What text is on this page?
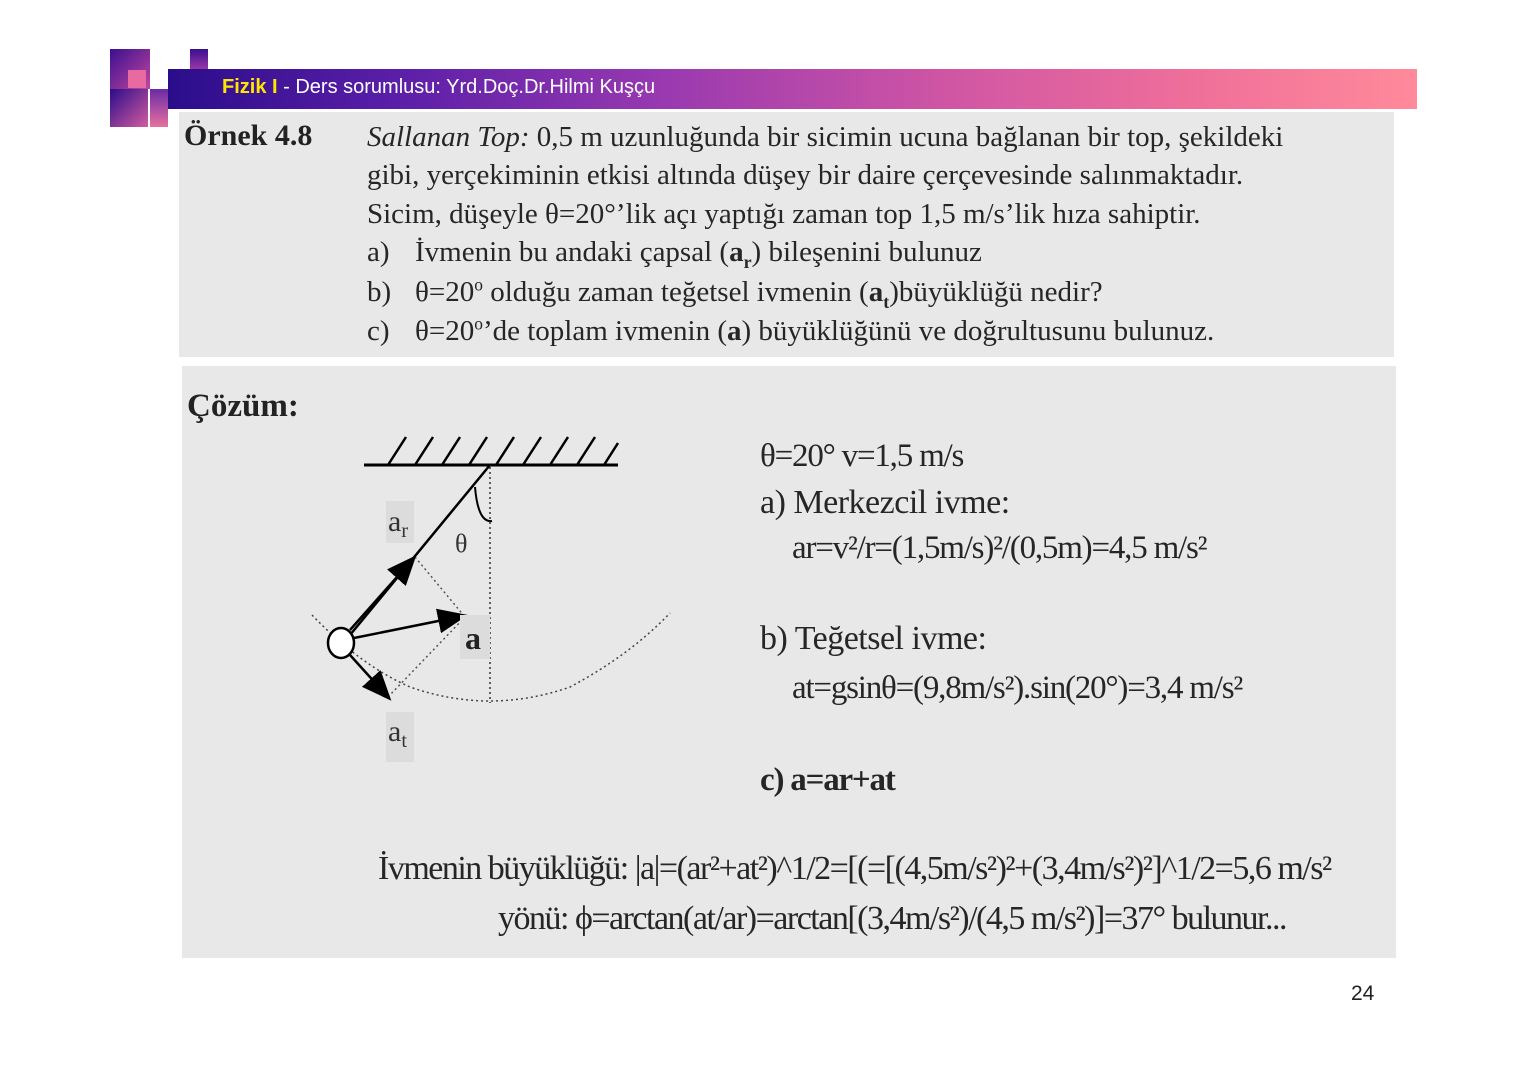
Fizik I - Ders sorumlusu: Yrd.Doç.Dr.Hilmi Kuşçu
Örnek 4.8 Sallanan Top: 0,5 m uzunluğunda bir sicimin ucuna bağlanan bir top, şekildeki
gibi, yerçekiminin etkisi altında düşey bir daire çerçevesinde salınmaktadır.
Sicim, düşeyle θ=20°’lik açı yaptığı zaman top 1,5 m/s’lik hıza sahiptir.
a) İvmenin bu andaki çapsal $(a_r)$ bileşenini bulunuz
b) $\theta=20^o$ olduğu zaman teğetsel ivmenin $(a_t)büyüklüğü$ nedir?
c) $\theta=20^o’de$ toplam ivmenin (a) büyüklüğünü ve doğrultusunu bulunuz.
Çözüm:
$a_r$ θ
a
$a_t$
θ=20° v=1,5 m/s
a) Merkezcil ivme:
ar=v²/r=(1,5m/s)²/(0,5m)=4,5 m/s²
b) Teğetsel ivme:
at=gsinθ=(9,8m/s²).sin(20°)=3,4 m/s²
c) a=ar+at
İvmenin büyüklüğü: |a|=(ar²+at²)^1/2=[(=[(4,5m/s²)²+(3,4m/s²)²]^1/2=5,6 m/s²
yönü: ϕ=arctan(at/ar)=arctan[(3,4m/s²)/(4,5 m/s²)]=37° bulunur...
24
